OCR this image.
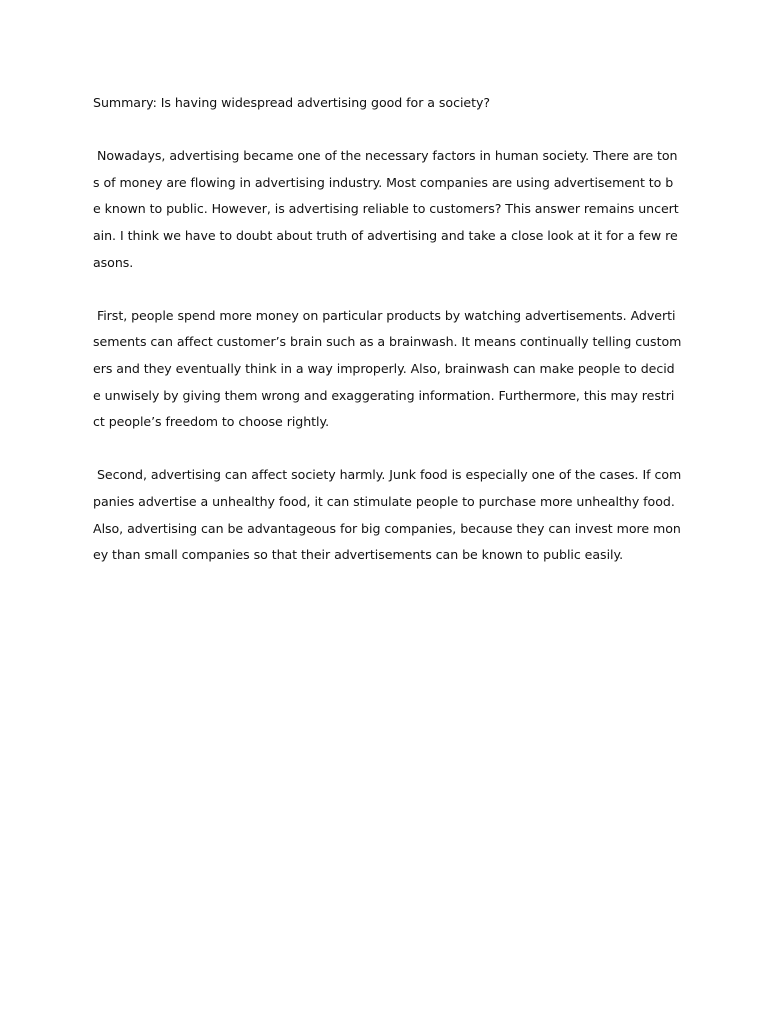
Summary: Is having widespread advertising good for a society?
Nowadays, advertising became one of the necessary factors in human society. There are ton
s of money are flowing in advertising industry. Most companies are using advertisement to b
e known to public. However, is advertising reliable to customers? This answer remains uncert
ain. I think we have to doubt about truth of advertising and take a close look at it for a few re
asons.
First, people spend more money on particular products by watching advertisements. Adverti
sements can affect customer’s brain such as a brainwash. It means continually telling custom
ers and they eventually think in a way improperly. Also, brainwash can make people to decid
e unwisely by giving them wrong and exaggerating information. Furthermore, this may restri
ct people’s freedom to choose rightly.
Second, advertising can affect society harmly. Junk food is especially one of the cases. If com
panies advertise a unhealthy food, it can stimulate people to purchase more unhealthy food.
Also, advertising can be advantageous for big companies, because they can invest more mon
ey than small companies so that their advertisements can be known to public easily.
